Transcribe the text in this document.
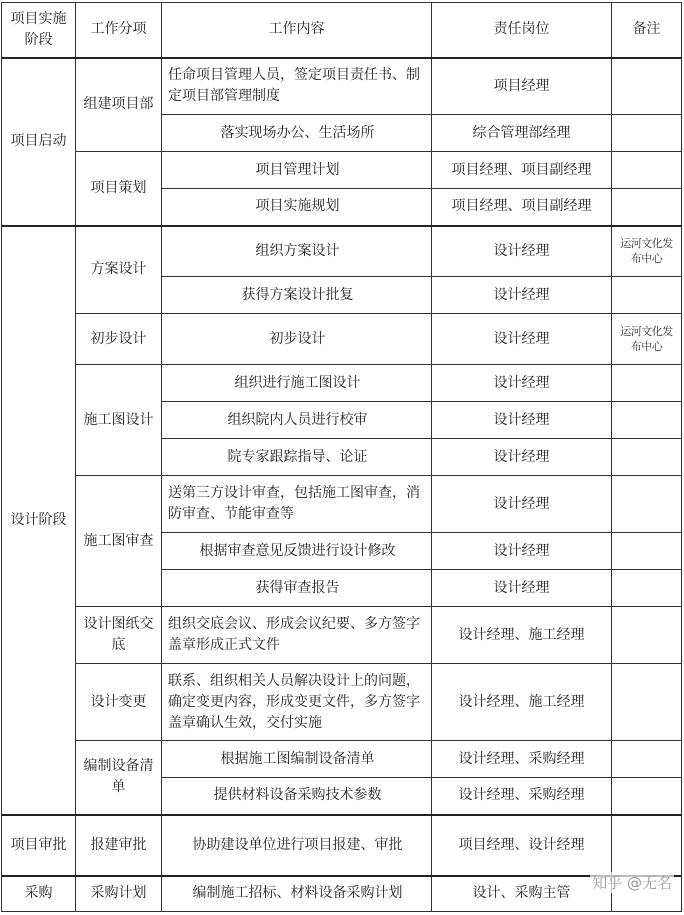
项目实施阶段	工作分项	工作内容	责任岗位	备注
项目启动	组建项目部	任命项目管理人员，签定项目责任书、制定项目部管理制度	项目经理	
		落实现场办公、生活场所	综合管理部经理	
	项目策划	项目管理计划	项目经理、项目副经理	
		项目实施规划	项目经理、项目副经理	
设计阶段	方案设计	组织方案设计	设计经理	运河文化发布中心
		获得方案设计批复	设计经理	
	初步设计	初步设计	设计经理	运河文化发布中心
	施工图设计	组织进行施工图设计	设计经理	
		组织院内人员进行校审	设计经理	
		院专家跟踪指导、论证	设计经理	
	施工图审查	送第三方设计审查，包括施工图审查，消防审查、节能审查等	设计经理	
		根据审查意见反馈进行设计修改	设计经理	
		获得审查报告	设计经理	
	设计图纸交底	组织交底会议、形成会议纪要、多方签字盖章形成正式文件	设计经理、施工经理	
	设计变更	联系、组织相关人员解决设计上的问题，确定变更内容，形成变更文件，多方签字盖章确认生效，交付实施	设计经理、施工经理	
	编制设备清单	根据施工图编制设备清单	设计经理、采购经理	
		提供材料设备采购技术参数	设计经理、采购经理	
项目审批	报建审批	协助建设单位进行项目报建、审批	项目经理、设计经理	
采购	采购计划	编制施工招标、材料设备采购计划	设计、采购主管	
知乎 @无名
